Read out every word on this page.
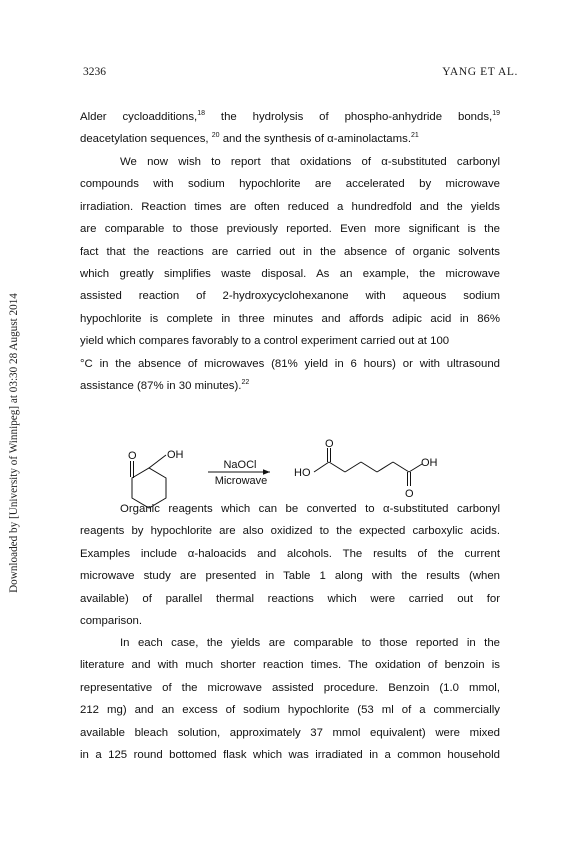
3236	YANG ET AL.
Downloaded by [University of Winnipeg] at 03:30 28 August 2014
Alder cycloadditions,$^{18}$ the hydrolysis of phospho-anhydride bonds,$^{19}$
deacetylation sequences, $^{20}$ and the synthesis of α-aminolactams.$^{21}$
We now wish to report that oxidations of α-substituted carbonyl
compounds with sodium hypochlorite are accelerated by microwave
irradiation. Reaction times are often reduced a hundredfold and the yields
are comparable to those previously reported. Even more significant is the
fact that the reactions are carried out in the absence of organic solvents
which greatly simplifies waste disposal. As an example, the microwave
assisted reaction of 2-hydroxycyclohexanone with aqueous sodium
hypochlorite is complete in three minutes and affords adipic acid in 86%
yield which compares favorably to a control experiment carried out at 100
°C in the absence of microwaves (81% yield in 6 hours) or with ultrasound
assistance (87% in 30 minutes).$^{22}$
O	OH
NaOCl
Microwave
O
HO
OH
O
Organic reagents which can be converted to α-substituted carbonyl
reagents by hypochlorite are also oxidized to the expected carboxylic acids.
Examples include α-haloacids and alcohols. The results of the current
microwave study are presented in Table 1 along with the results (when
available) of parallel thermal reactions which were carried out for
comparison.
In each case, the yields are comparable to those reported in the
literature and with much shorter reaction times. The oxidation of benzoin is
representative of the microwave assisted procedure. Benzoin (1.0 mmol,
212 mg) and an excess of sodium hypochlorite (53 ml of a commercially
available bleach solution, approximately 37 mmol equivalent) were mixed
in a 125 round bottomed flask which was irradiated in a common household
